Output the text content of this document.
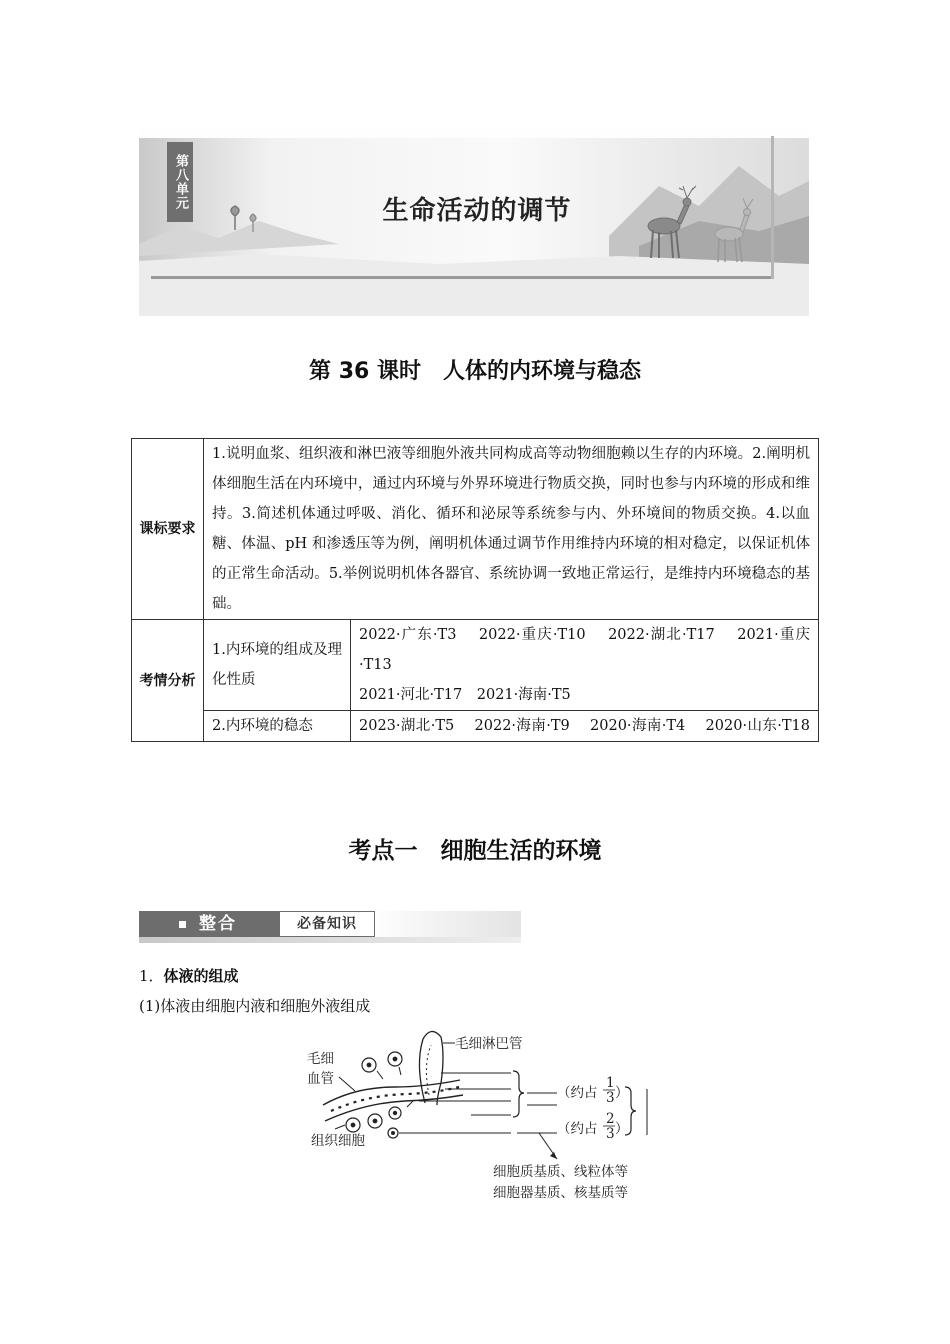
第八单元
生命活动的调节
第 36 课时　人体的内环境与稳态
课标要求	1.说明血浆、组织液和淋巴液等细胞外液共同构成高等动物细胞赖以生存的内环境。2.阐明机体细胞生活在内环境中，通过内环境与外界环境进行物质交换，同时也参与内环境的形成和维持。3.简述机体通过呼吸、消化、循环和泌尿等系统参与内、外环境间的物质交换。4.以血糖、体温、pH 和渗透压等为例，阐明机体通过调节作用维持内环境的相对稳定，以保证机体的正常生命活动。5.举例说明机体各器官、系统协调一致地正常运行，是维持内环境稳态的基础。	
考情分析	1.内环境的组成及理化性质	2022·广东·T3　 2022·重庆·T10　 2022·湖北·T17　 2021·重庆·T13
2021·河北·T17　2021·海南·T5

	2.内环境的稳态	2023·湖北·T5　 2022·海南·T9　 2020·海南·T4　 2020·山东·T18
考点一　细胞生活的环境
整合	必备知识
1．体液的组成
(1)体液由细胞内液和细胞外液组成
毛细淋巴管
毛细
血管
组织细胞
（约占
1
3 ）
（约占
2
3 ）
细胞质基质、线粒体等
细胞器基质、核基质等
